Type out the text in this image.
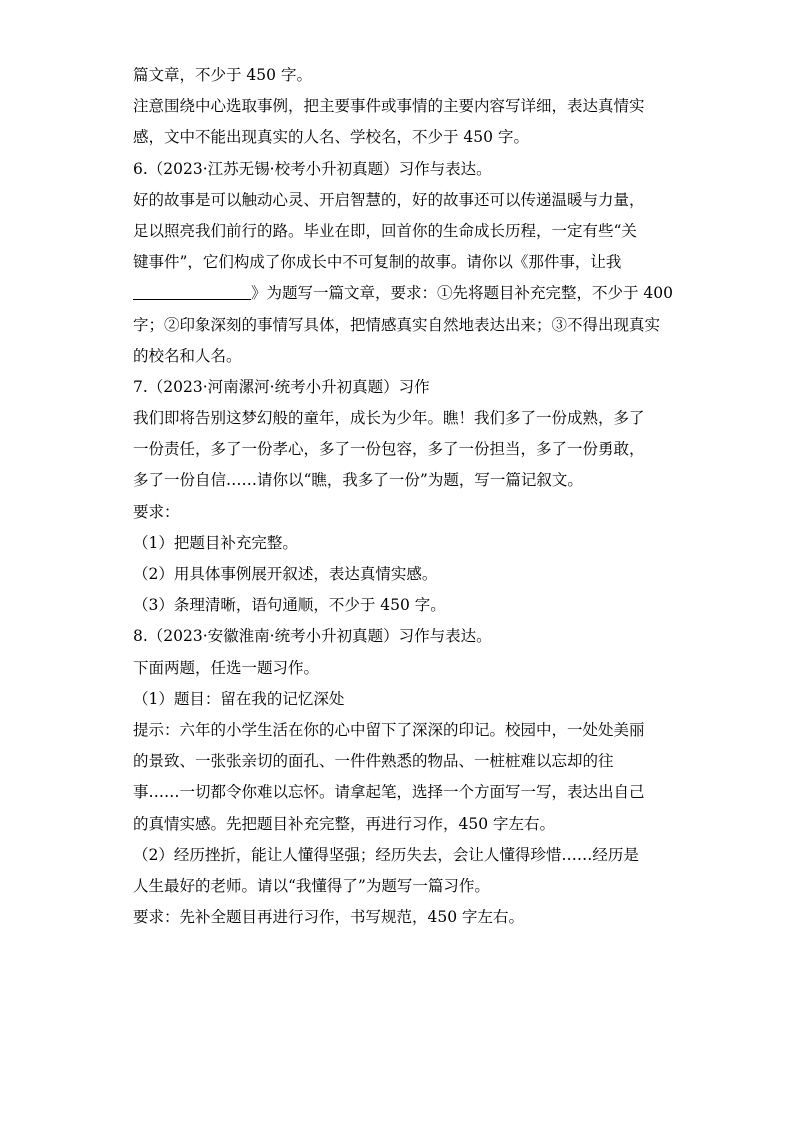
篇文章，不少于 450 字。
注意围绕中心选取事例，把主要事件或事情的主要内容写详细，表达真情实
感，文中不能出现真实的人名、学校名，不少于 450 字。
6.（2023·江苏无锡·校考小升初真题）习作与表达。
好的故事是可以触动心灵、开启智慧的，好的故事还可以传递温暖与力量，
足以照亮我们前行的路。毕业在即，回首你的生命成长历程，一定有些“关
键事件”，它们构成了你成长中不可复制的故事。请你以《那件事，让我
》为题写一篇文章，要求：①先将题目补充完整，不少于 400
字；②印象深刻的事情写具体，把情感真实自然地表达出来；③不得出现真实
的校名和人名。
7.（2023·河南漯河·统考小升初真题）习作
我们即将告别这梦幻般的童年，成长为少年。瞧！我们多了一份成熟，多了
一份责任，多了一份孝心，多了一份包容，多了一份担当，多了一份勇敢，
多了一份自信……请你以“瞧，我多了一份”为题，写一篇记叙文。
要求：
（1）把题目补充完整。
（2）用具体事例展开叙述，表达真情实感。
（3）条理清晰，语句通顺，不少于 450 字。
8.（2023·安徽淮南·统考小升初真题）习作与表达。
下面两题，任选一题习作。
（1）题目：留在我的记忆深处
提示：六年的小学生活在你的心中留下了深深的印记。校园中，一处处美丽
的景致、一张张亲切的面孔、一件件熟悉的物品、一桩桩难以忘却的往
事……一切都令你难以忘怀。请拿起笔，选择一个方面写一写，表达出自己
的真情实感。先把题目补充完整，再进行习作，450 字左右。
（2）经历挫折，能让人懂得坚强；经历失去，会让人懂得珍惜……经历是
人生最好的老师。请以“我懂得了”为题写一篇习作。
要求：先补全题目再进行习作，书写规范，450 字左右。
